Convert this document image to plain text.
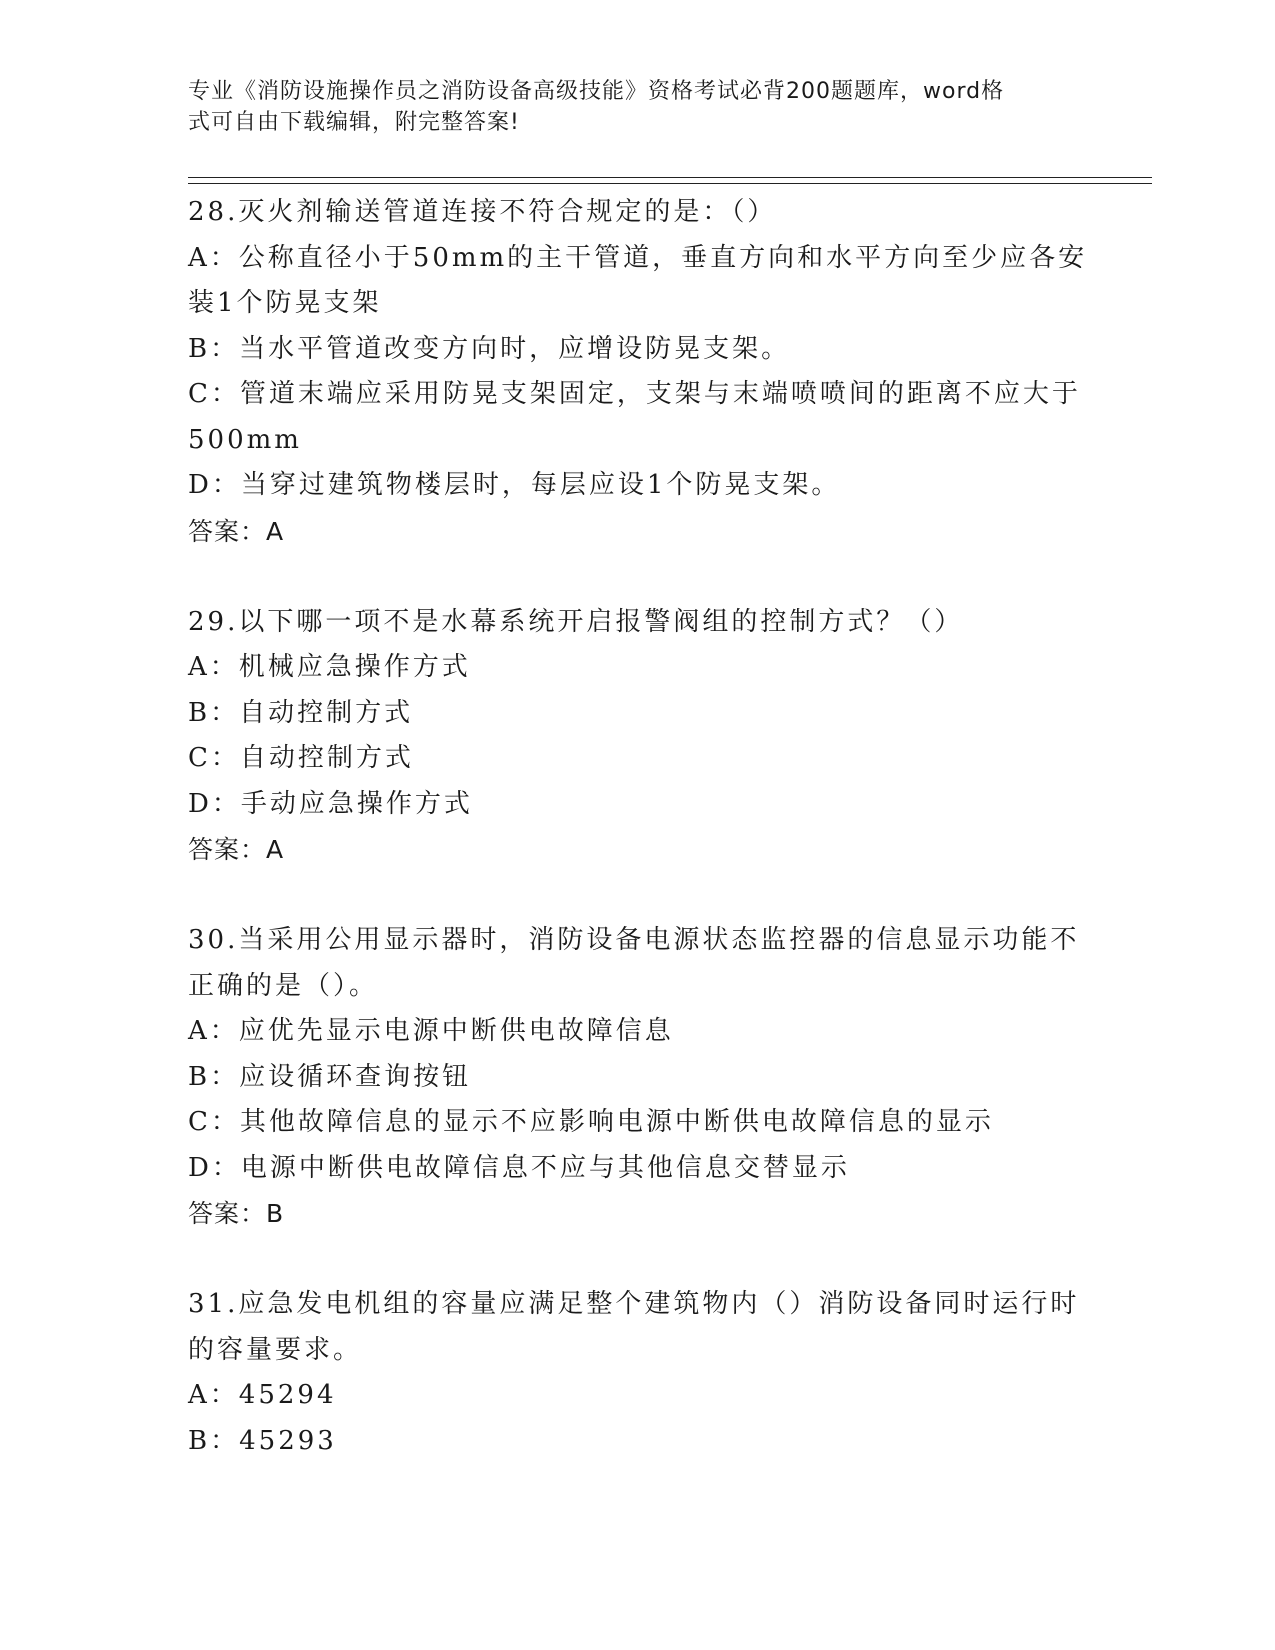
专业《消防设施操作员之消防设备高级技能》资格考试必背200题题库，word格
式可自由下载编辑，附完整答案!
28.灭火剂输送管道连接不符合规定的是：（）
A：公称直径小于50mm的主干管道，垂直方向和水平方向至少应各安
装1个防晃支架
B：当水平管道改变方向时，应增设防晃支架。
C：管道末端应采用防晃支架固定，支架与末端喷喷间的距离不应大于
500mm
D：当穿过建筑物楼层时，每层应设1个防晃支架。
答案：A
29.以下哪一项不是水幕系统开启报警阀组的控制方式？（）
A：机械应急操作方式
B：自动控制方式
C：自动控制方式
D：手动应急操作方式
答案：A
30.当采用公用显示器时，消防设备电源状态监控器的信息显示功能不
正确的是（）。
A：应优先显示电源中断供电故障信息
B：应设循环查询按钮
C：其他故障信息的显示不应影响电源中断供电故障信息的显示
D：电源中断供电故障信息不应与其他信息交替显示
答案：B
31.应急发电机组的容量应满足整个建筑物内（）消防设备同时运行时
的容量要求。
A：45294
B：45293
